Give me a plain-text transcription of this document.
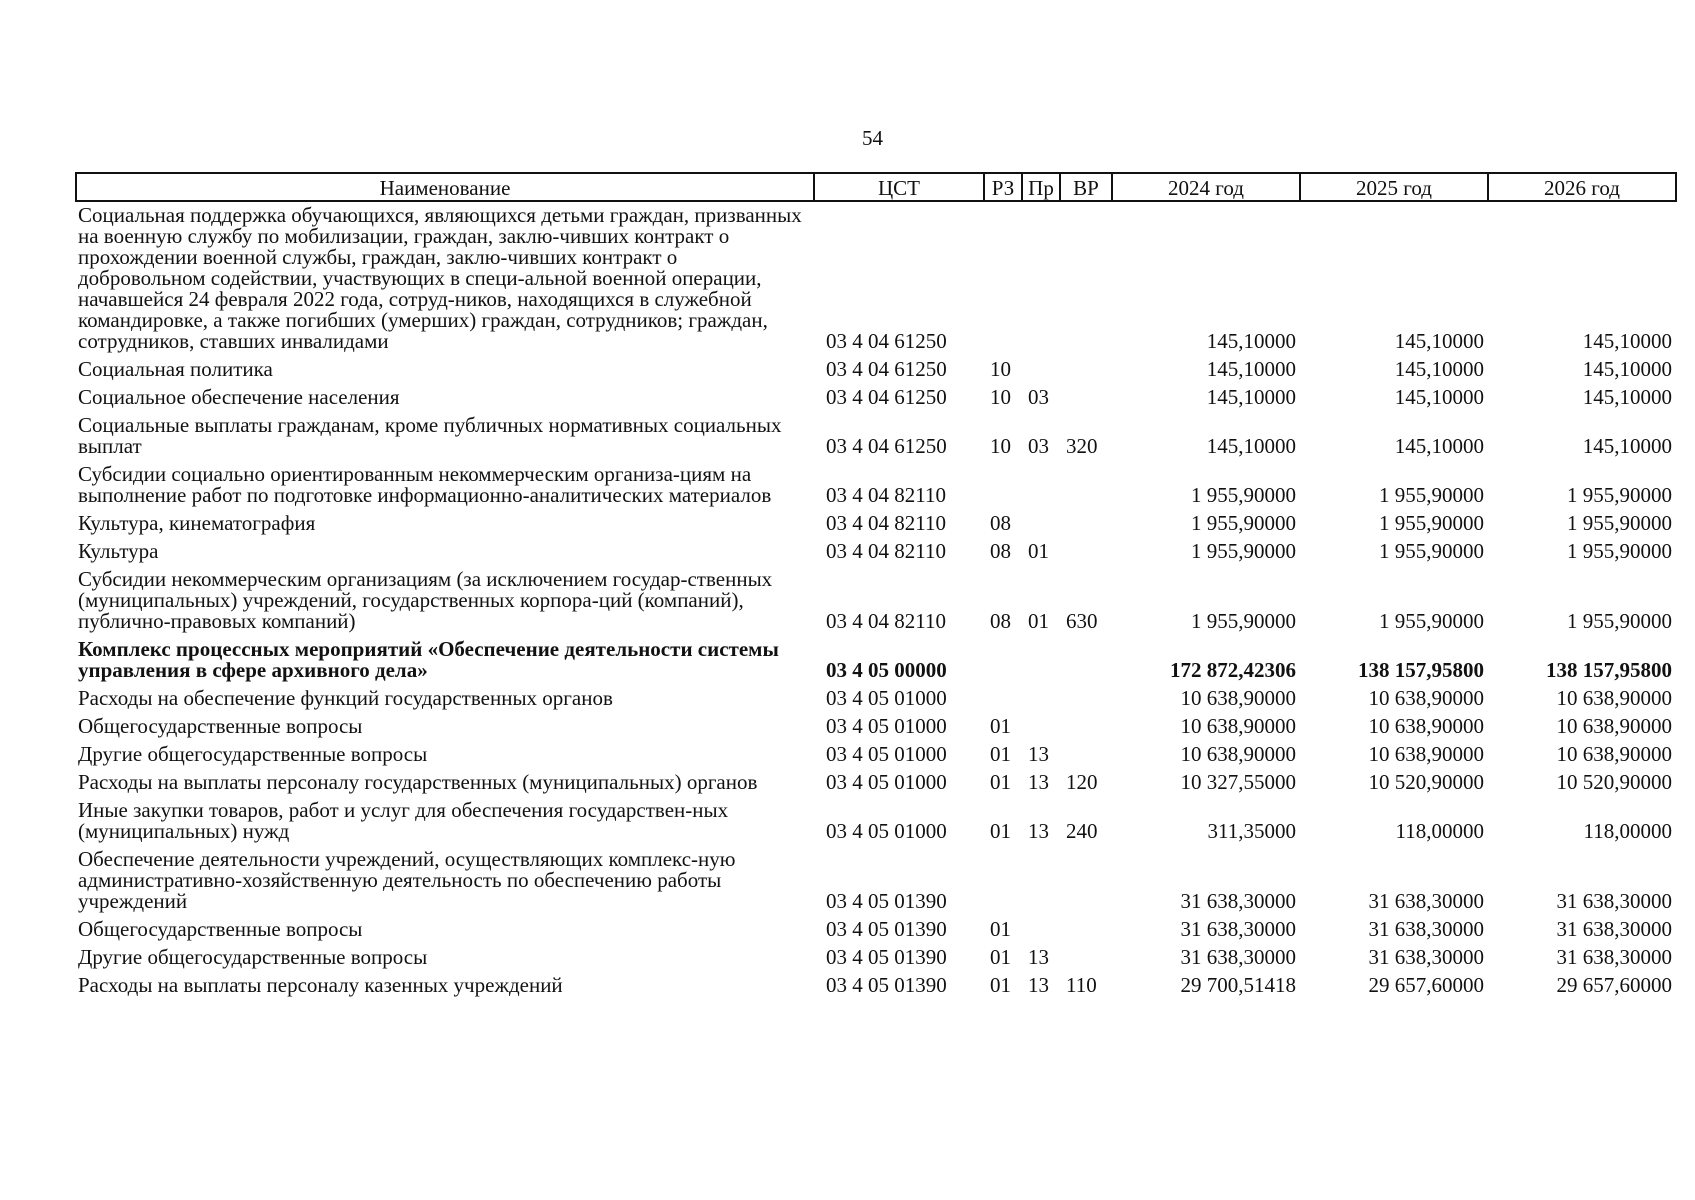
54
Наименование	ЦСТ	РЗ	Пр	ВР	2024 год	2025 год	2026 год
Социальная поддержка обучающихся, являющихся детьми граждан, призванных на военную службу по мобилизации, граждан, заклю-чивших контракт о прохождении военной службы, граждан, заклю-чивших контракт о добровольном содействии, участвующих в специ-альной военной операции, начавшейся 24 февраля 2022 года, сотруд-ников, находящихся в служебной командировке, а также погибших (умерших) граждан, сотрудников; граждан, сотрудников, ставших инвалидами	03 4 04 61250				145,10000	145,10000	145,10000
Социальная политика	03 4 04 61250	10			145,10000	145,10000	145,10000
Социальное обеспечение населения	03 4 04 61250	10	03		145,10000	145,10000	145,10000
Социальные выплаты гражданам, кроме публичных нормативных социальных выплат	03 4 04 61250	10	03	320	145,10000	145,10000	145,10000
Субсидии социально ориентированным некоммерческим организа-циям на выполнение работ по подготовке информационно-аналитических материалов	03 4 04 82110				1 955,90000	1 955,90000	1 955,90000
Культура, кинематография	03 4 04 82110	08			1 955,90000	1 955,90000	1 955,90000
Культура	03 4 04 82110	08	01		1 955,90000	1 955,90000	1 955,90000
Субсидии некоммерческим организациям (за исключением государ-ственных (муниципальных) учреждений, государственных корпора-ций (компаний), публично-правовых компаний)	03 4 04 82110	08	01	630	1 955,90000	1 955,90000	1 955,90000
Комплекс процессных мероприятий «Обеспечение деятельности системы управления в сфере архивного дела»	03 4 05 00000				172 872,42306	138 157,95800	138 157,95800
Расходы на обеспечение функций государственных органов	03 4 05 01000				10 638,90000	10 638,90000	10 638,90000
Общегосударственные вопросы	03 4 05 01000	01			10 638,90000	10 638,90000	10 638,90000
Другие общегосударственные вопросы	03 4 05 01000	01	13		10 638,90000	10 638,90000	10 638,90000
Расходы на выплаты персоналу государственных (муниципальных) органов	03 4 05 01000	01	13	120	10 327,55000	10 520,90000	10 520,90000
Иные закупки товаров, работ и услуг для обеспечения государствен-ных (муниципальных) нужд	03 4 05 01000	01	13	240	311,35000	118,00000	118,00000
Обеспечение деятельности учреждений, осуществляющих комплекс-ную административно-хозяйственную деятельность по обеспечению работы учреждений	03 4 05 01390				31 638,30000	31 638,30000	31 638,30000
Общегосударственные вопросы	03 4 05 01390	01			31 638,30000	31 638,30000	31 638,30000
Другие общегосударственные вопросы	03 4 05 01390	01	13		31 638,30000	31 638,30000	31 638,30000
Расходы на выплаты персоналу казенных учреждений	03 4 05 01390	01	13	110	29 700,51418	29 657,60000	29 657,60000
